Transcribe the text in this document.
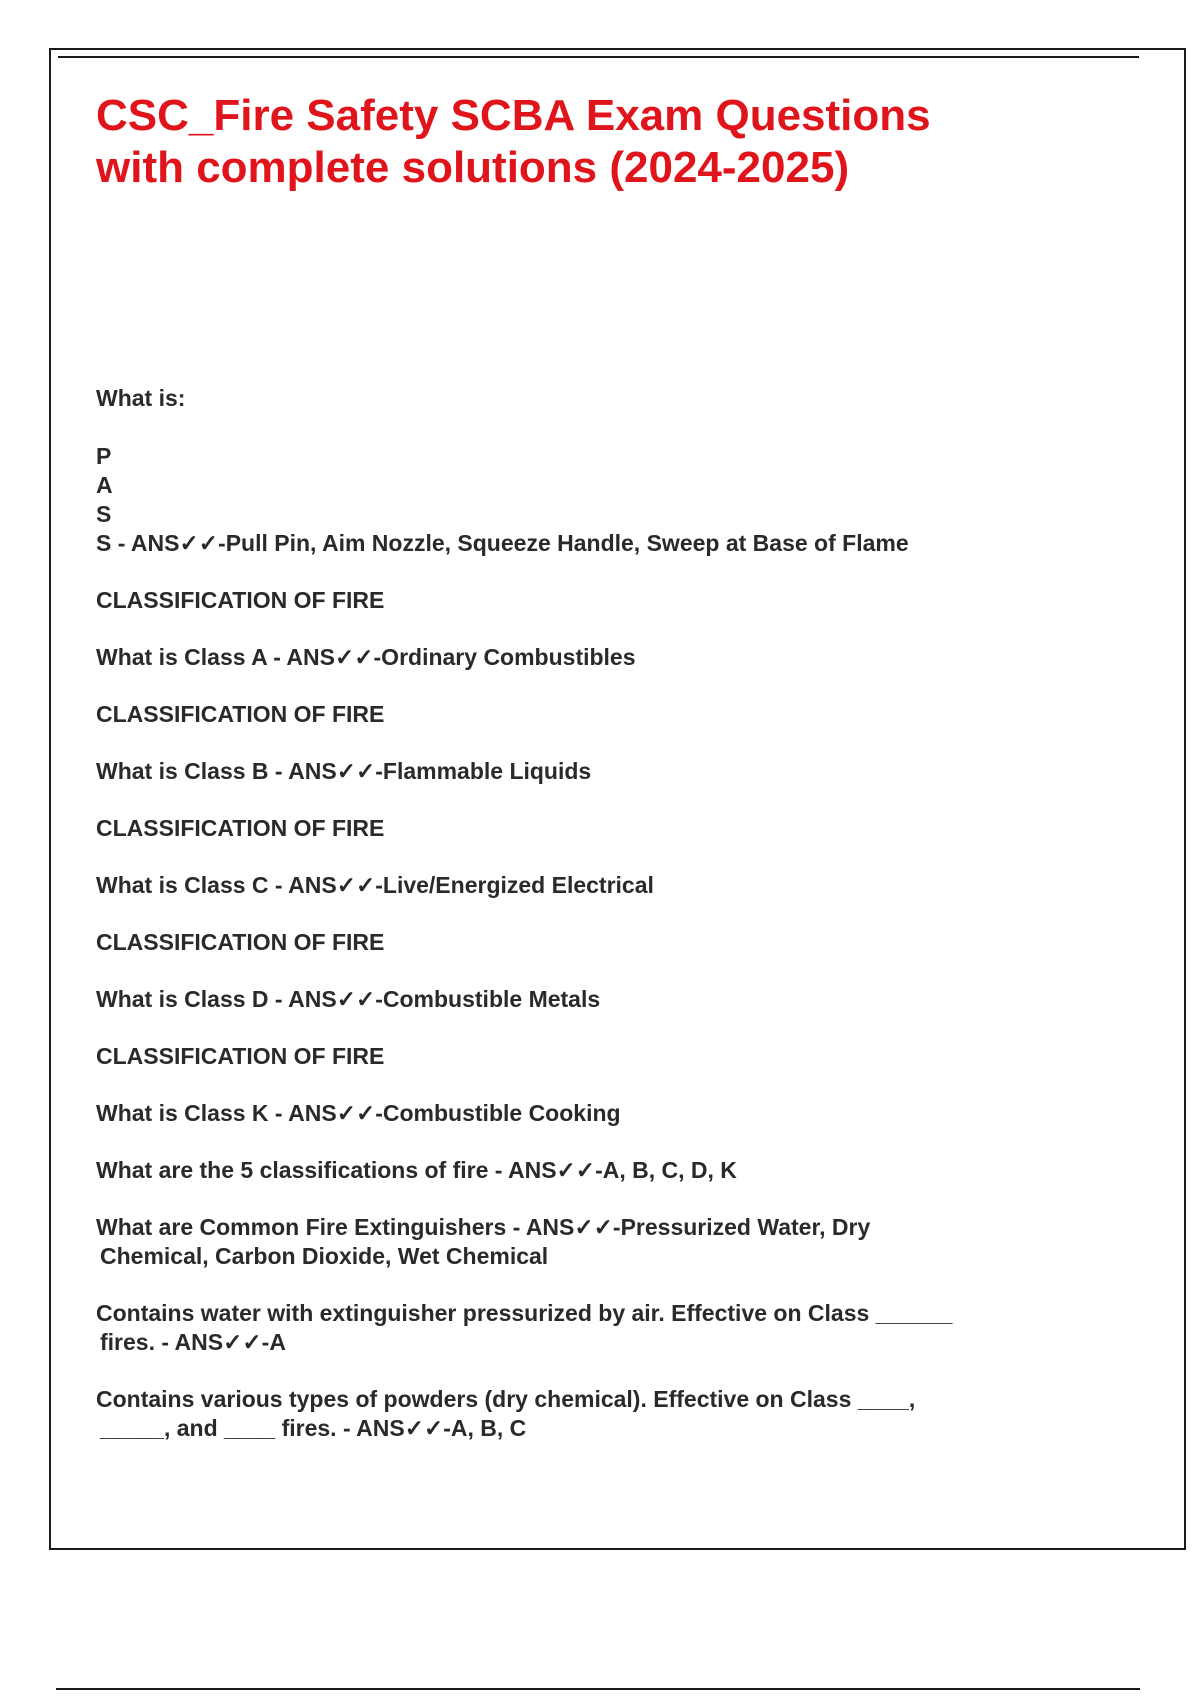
CSC_Fire Safety SCBA Exam Questions
with complete solutions (2024-2025)
What is:

P
A
S
S - ANS✓✓-Pull Pin, Aim Nozzle, Squeeze Handle, Sweep at Base of Flame
CLASSIFICATION OF FIRE
What is Class A - ANS✓✓-Ordinary Combustibles
CLASSIFICATION OF FIRE
What is Class B - ANS✓✓-Flammable Liquids
CLASSIFICATION OF FIRE
What is Class C - ANS✓✓-Live/Energized Electrical
CLASSIFICATION OF FIRE
What is Class D - ANS✓✓-Combustible Metals
CLASSIFICATION OF FIRE
What is Class K - ANS✓✓-Combustible Cooking
What are the 5 classifications of fire - ANS✓✓-A, B, C, D, K
What are Common Fire Extinguishers - ANS✓✓-Pressurized Water, Dry
Chemical, Carbon Dioxide, Wet Chemical
Contains water with extinguisher pressurized by air. Effective on Class ______
fires. - ANS✓✓-A
Contains various types of powders (dry chemical). Effective on Class ____,
_____, and ____ fires. - ANS✓✓-A, B, C
